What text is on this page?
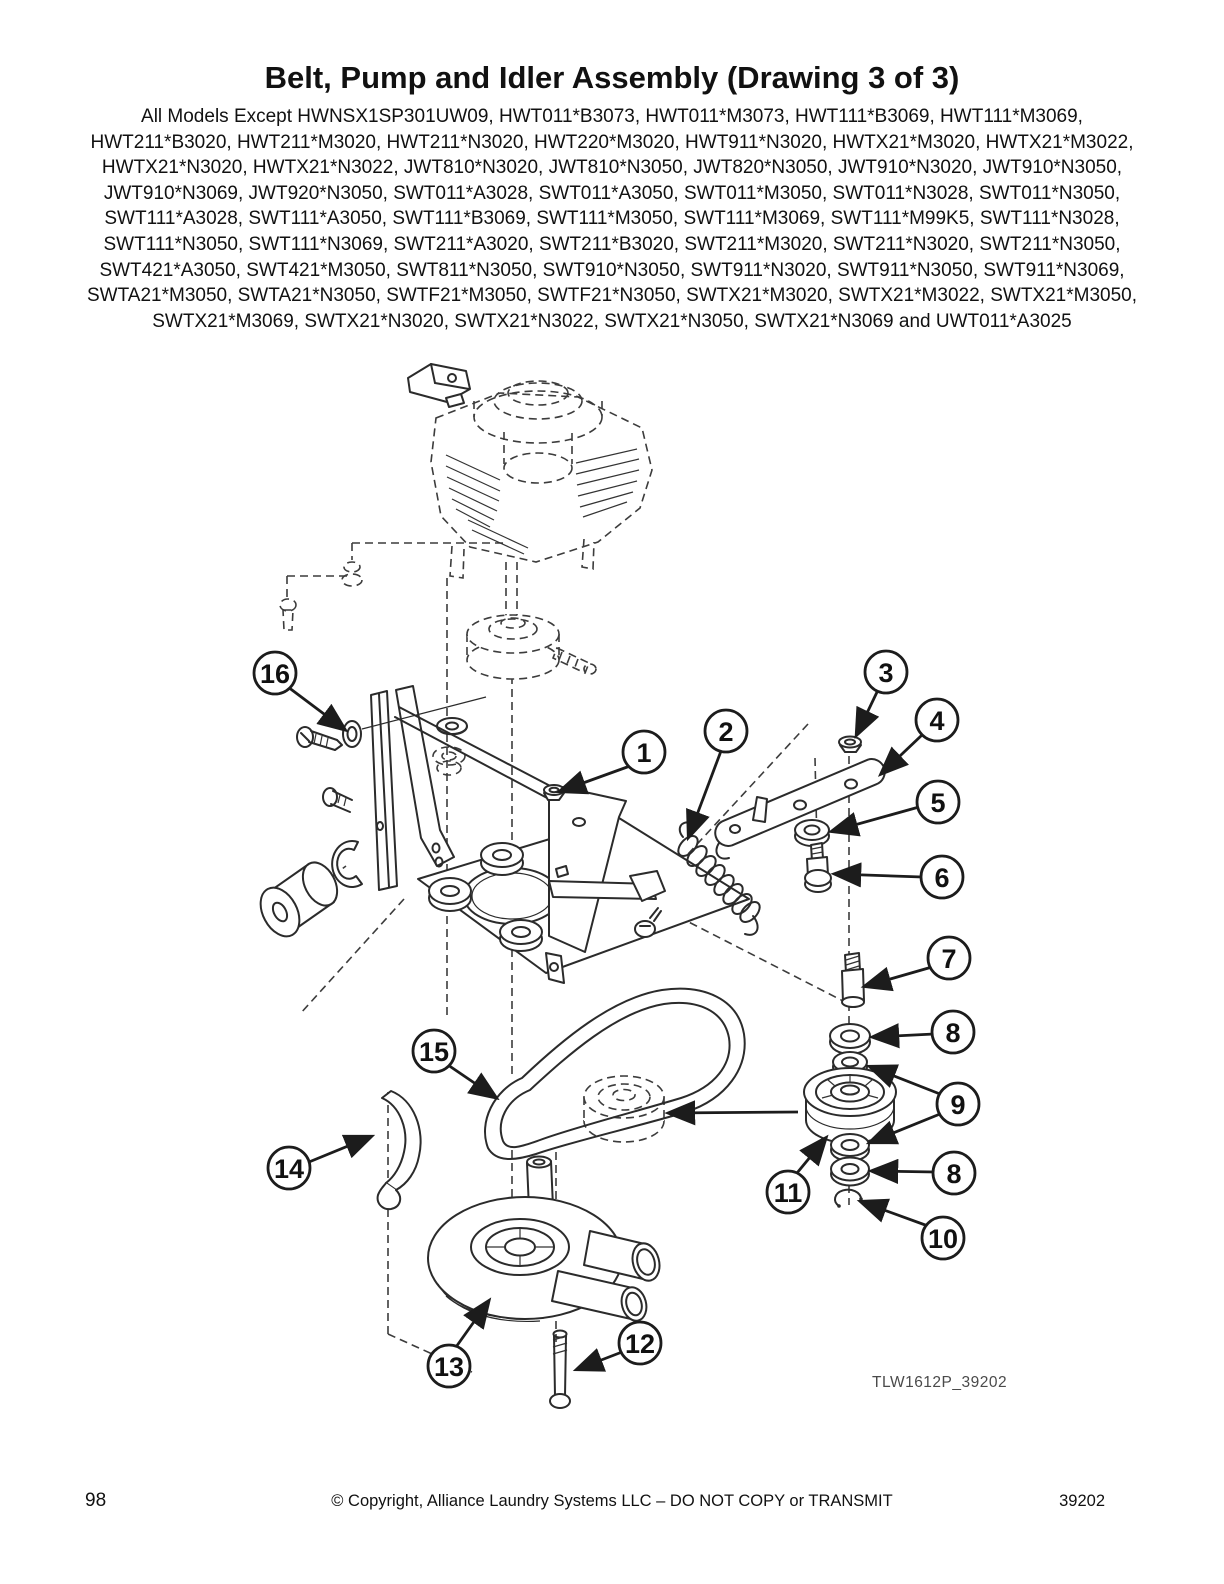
Belt, Pump and Idler Assembly (Drawing 3 of 3)
All Models Except HWNSX1SP301UW09, HWT011*B3073, HWT011*M3073, HWT111*B3069, HWT111*M3069,
HWT211*B3020, HWT211*M3020, HWT211*N3020, HWT220*M3020, HWT911*N3020, HWTX21*M3020, HWTX21*M3022,
HWTX21*N3020, HWTX21*N3022, JWT810*N3020, JWT810*N3050, JWT820*N3050, JWT910*N3020, JWT910*N3050,
JWT910*N3069, JWT920*N3050, SWT011*A3028, SWT011*A3050, SWT011*M3050, SWT011*N3028, SWT011*N3050,
SWT111*A3028, SWT111*A3050, SWT111*B3069, SWT111*M3050, SWT111*M3069, SWT111*M99K5, SWT111*N3028,
SWT111*N3050, SWT111*N3069, SWT211*A3020, SWT211*B3020, SWT211*M3020, SWT211*N3020, SWT211*N3050,
SWT421*A3050, SWT421*M3050, SWT811*N3050, SWT910*N3050, SWT911*N3020, SWT911*N3050, SWT911*N3069,
SWTA21*M3050, SWTA21*N3050, SWTF21*M3050, SWTF21*N3050, SWTX21*M3020, SWTX21*M3022, SWTX21*M3050,
SWTX21*M3069, SWTX21*N3020, SWTX21*N3022, SWTX21*N3050, SWTX21*N3069 and UWT011*A3025
16
1
2
3
4
5
6
7
8
9
8
10
11
15
14
13
12
TLW1612P_39202
98	© Copyright, Alliance Laundry Systems LLC – DO NOT COPY or TRANSMIT	39202
